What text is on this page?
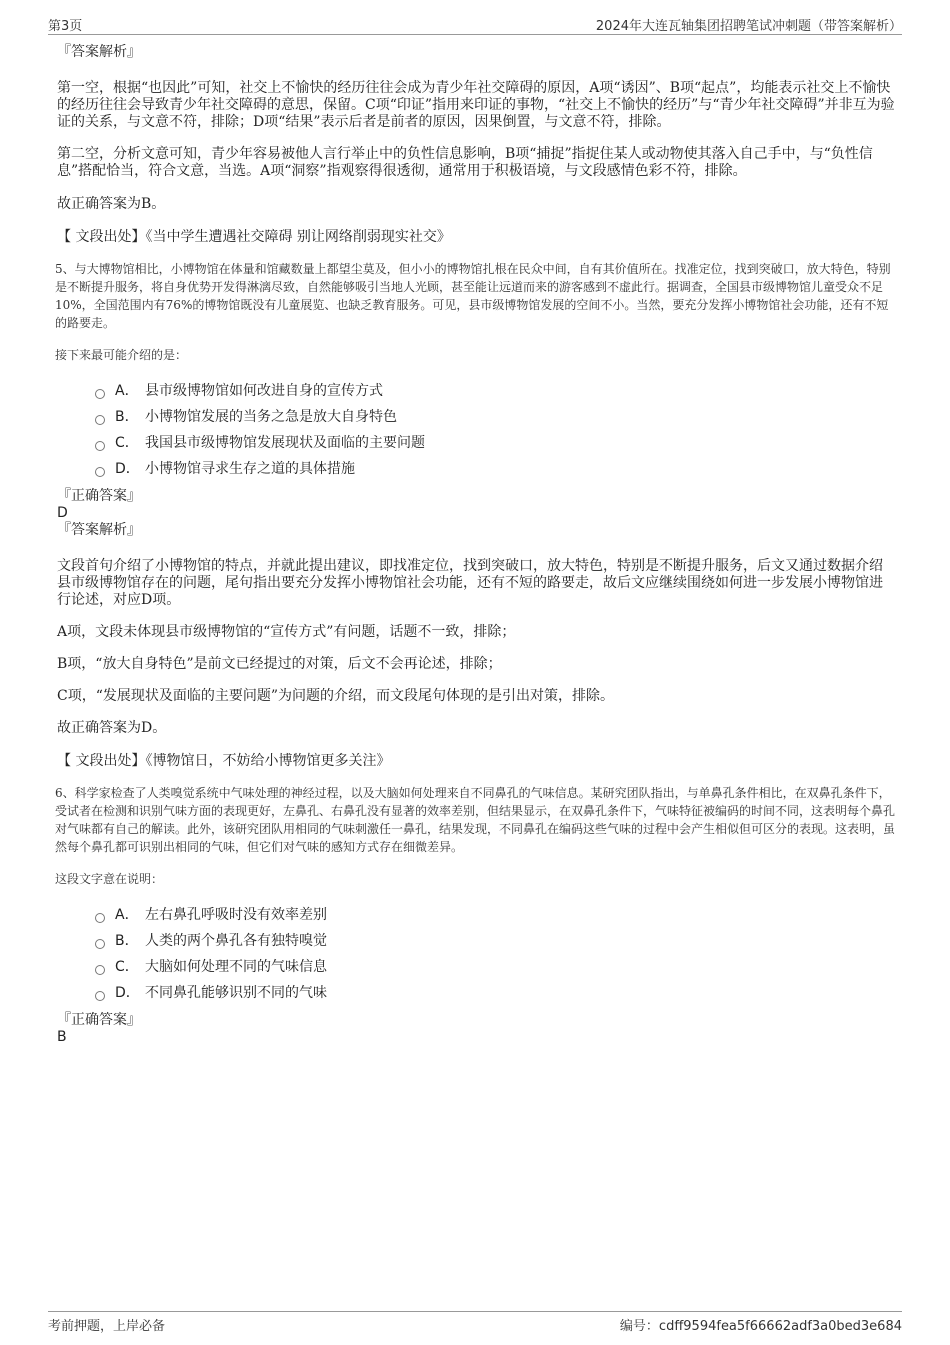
第3页	2024年大连瓦轴集团招聘笔试冲刺题（带答案解析）

『答案解析』

第一空，根据“也因此”可知，社交上不愉快的经历往往会成为青少年社交障碍的原因，A项“诱因”、B项“起点”，均能表示社交上不愉快的经历往往会导致青少年社交障碍的意思，保留。C项“印证”指用来印证的事物，“社交上不愉快的经历”与“青少年社交障碍”并非互为验证的关系，与文意不符，排除；D项“结果”表示后者是前者的原因，因果倒置，与文意不符，排除。

第二空，分析文意可知，青少年容易被他人言行举止中的负性信息影响，B项“捕捉”指捉住某人或动物使其落入自己手中，与“负性信息”搭配恰当，符合文意，当选。A项“洞察”指观察得很透彻，通常用于积极语境，与文段感情色彩不符，排除。

故正确答案为B。

【 文段出处】《当中学生遭遇社交障碍 别让网络削弱现实社交》

5、与大博物馆相比，小博物馆在体量和馆藏数量上都望尘莫及，但小小的博物馆扎根在民众中间，自有其价值所在。找准定位，找到突破口，放大特色，特别是不断提升服务，将自身优势开发得淋漓尽致，自然能够吸引当地人光顾，甚至能让远道而来的游客感到不虚此行。据调查，全国县市级博物馆儿童受众不足10%，全国范围内有76%的博物馆既没有儿童展览、也缺乏教育服务。可见，县市级博物馆发展的空间不小。当然，要充分发挥小博物馆社会功能，还有不短的路要走。

接下来最可能介绍的是：

A． 县市级博物馆如何改进自身的宣传方式
B． 小博物馆发展的当务之急是放大自身特色
C． 我国县市级博物馆发展现状及面临的主要问题
D． 小博物馆寻求生存之道的具体措施

『正确答案』

D

『答案解析』

文段首句介绍了小博物馆的特点，并就此提出建议，即找准定位，找到突破口，放大特色，特别是不断提升服务，后文又通过数据介绍县市级博物馆存在的问题，尾句指出要充分发挥小博物馆社会功能，还有不短的路要走，故后文应继续围绕如何进一步发展小博物馆进行论述，对应D项。

A项，文段未体现县市级博物馆的“宣传方式”有问题，话题不一致，排除；

B项，“放大自身特色”是前文已经提过的对策，后文不会再论述，排除；

C项，“发展现状及面临的主要问题”为问题的介绍，而文段尾句体现的是引出对策，排除。

故正确答案为D。

【 文段出处】《博物馆日，不妨给小博物馆更多关注》

6、科学家检查了人类嗅觉系统中气味处理的神经过程，以及大脑如何处理来自不同鼻孔的气味信息。某研究团队指出，与单鼻孔条件相比，在双鼻孔条件下，受试者在检测和识别气味方面的表现更好，左鼻孔、右鼻孔没有显著的效率差别，但结果显示，在双鼻孔条件下，气味特征被编码的时间不同，这表明每个鼻孔对气味都有自己的解读。此外，该研究团队用相同的气味刺激任一鼻孔，结果发现，不同鼻孔在编码这些气味的过程中会产生相似但可区分的表现。这表明，虽然每个鼻孔都可识别出相同的气味，但它们对气味的感知方式存在细微差异。

这段文字意在说明：

A． 左右鼻孔呼吸时没有效率差别
B． 人类的两个鼻孔各有独特嗅觉
C． 大脑如何处理不同的气味信息
D． 不同鼻孔能够识别不同的气味

『正确答案』

B

考前押题，上岸必备	编号：cdff9594fea5f66662adf3a0bed3e684
